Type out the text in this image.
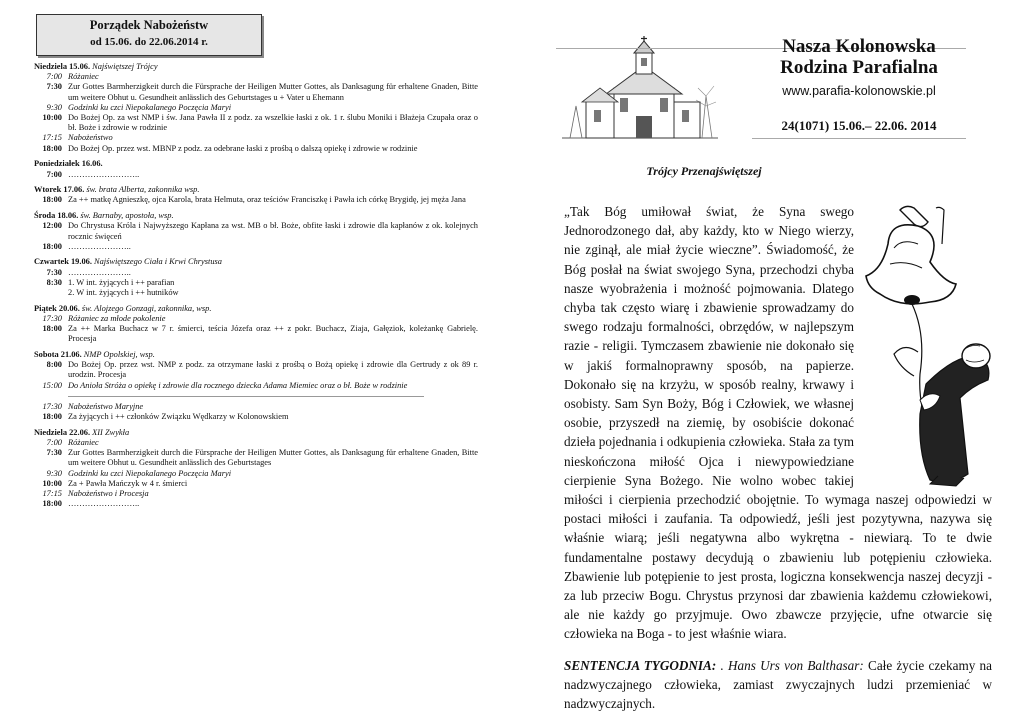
Porządek Nabożeństw
od 15.06. do 22.06.2014 r.
Niedziela 15.06. Najświętszej Trójcy
7:00 Różaniec
7:30 Zur Gottes Barmherzigkeit durch die Fürsprache der Heiligen Mutter Gottes, als Danksagung für erhaltene Gnaden, Bitte um weitere Obhut u. Gesundheit anlässlich des Geburtstages u + Vater u Ehemann
9:30 Godzinki ku czci Niepokalanego Poczęcia Maryi
10:00 Do Bożej Op. za wst NMP i św. Jana Pawła II z podz. za wszelkie łaski z ok. 1 r. ślubu Moniki i Błażeja Czupała oraz o bł. Boże i zdrowie w rodzinie
17:15 Nabożeństwo
18:00 Do Bożej Op. przez wst. MBNP z podz. za odebrane łaski z prośbą o dalszą opiekę i zdrowie w rodzinie
Poniedziałek 16.06.
7:00 ……………………..
Wtorek 17.06. św. brata Alberta, zakonnika wsp.
18:00 Za ++ matkę Agnieszkę, ojca Karola, brata Helmuta, oraz teściów Franciszkę i Pawła ich córkę Brygidę, jej męża Jana
Środa 18.06. św. Barnaby, apostoła, wsp.
12:00 Do Chrystusa Króla i Najwyższego Kapłana za wst. MB o bł. Boże, obfite łaski i zdrowie dla kapłanów z ok. kolejnych rocznic święceń
18:00 …………………..
Czwartek 19.06. Najświętszego Ciała i Krwi Chrystusa
7:30 …………………..
8:30 1. W int. żyjących i ++ parafian
2. W int. żyjących i ++ hutników
Piątek 20.06. św. Alojzego Gonzagi, zakonnika, wsp.
17:30 Różaniec za młode pokolenie
18:00 Za ++ Marka Buchacz w 7 r. śmierci, teścia Józefa oraz ++ z pokr. Buchacz, Ziaja, Gałęziok, koleżankę Gabrielę. Procesja
Sobota 21.06. NMP Opolskiej, wsp.
8:00 Do Bożej Op. przez wst. NMP z podz. za otrzymane łaski z prośbą o Bożą opiekę i zdrowie dla Gertrudy z ok 89 r. urodzin. Procesja
15:00 Do Anioła Stróża o opiekę i zdrowie dla rocznego dziecka Adama Miemiec oraz o bł. Boże w rodzinie
17:30 Nabożeństwo Maryjne
18:00 Za żyjących i ++ członków Związku Wędkarzy w Kolonowskiem
Niedziela 22.06. XII Zwykła
7:00 Różaniec
7:30 Zur Gottes Barmherzigkeit durch die Fürsprache der Heiligen Mutter Gottes, als Danksagung für erhaltene Gnaden, Bitte um weitere Obhut u. Gesundheit anlässlich des Geburtstages
9:30 Godzinki ku czci Niepokalanego Poczęcia Maryi
10:00 Za + Pawła Mańczyk w 4 r. śmierci
17:15 Nabożeństwo i Procesja
18:00 ……………………..
Nasza Kolonowska
Rodzina Parafialna
www.parafia-kolonowskie.pl
24(1071) 15.06.– 22.06. 2014
Trójcy Przenajświętszej

„Tak Bóg umiłował świat, że Syna swego Jednorodzonego dał, aby każdy, kto w Niego wierzy, nie zginął, ale miał życie wieczne”. Świadomość, że Bóg posłał na świat swojego Syna, przechodzi chyba nasze wyobrażenia i możność pojmowania. Dlatego chyba tak często wiarę i zbawienie sprowadzamy do swego rodzaju formalności, obrzędów, w najlepszym razie - religii. Tymczasem zbawienie nie dokonało się w jakiś formalnoprawny sposób, na papierze. Dokonało się na krzyżu, w sposób realny, krwawy i osobisty. Sam Syn Boży, Bóg i Człowiek, we własnej osobie, przyszedł na ziemię, by osobiście dokonać dzieła pojednania i odkupienia człowieka. Stała za tym nieskończona miłość Ojca i niewypowiedziane cierpienie Syna Bożego. Nie wolno wobec takiej miłości i cierpienia przechodzić obojętnie. To wymaga naszej odpowiedzi w postaci miłości i zaufania. Ta odpowiedź, jeśli jest pozytywna, nazywa się właśnie wiarą; jeśli negatywna albo wykrętna - niewiarą. To te dwie fundamentalne postawy decydują o zbawieniu lub potępieniu człowieka. Zbawienie lub potępienie to jest prosta, logiczna konsekwencja naszej decyzji - za lub przeciw Bogu. Chrystus przynosi dar zbawienia każdemu człowiekowi, ale nie każdy go przyjmuje. Owo zbawcze przyjęcie, ufne otwarcie się człowieka na Boga - to jest właśnie wiara.

SENTENCJA TYGODNIA: . Hans Urs von Balthasar: Całe życie czekamy na nadzwyczajnego człowieka, zamiast zwyczajnych ludzi przemieniać w nadzwyczajnych.
